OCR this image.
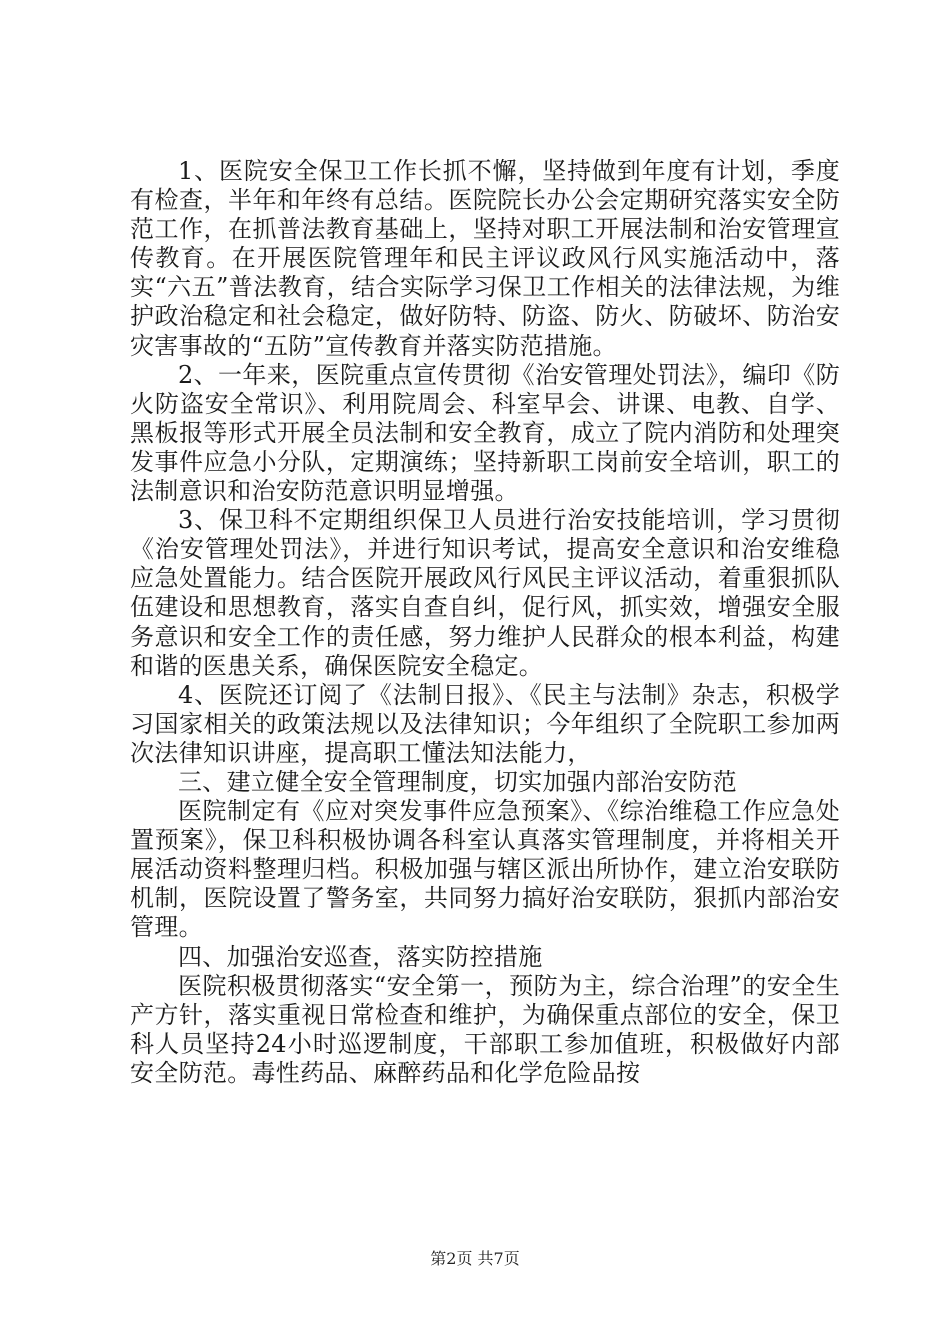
1、医院安全保卫工作长抓不懈，坚持做到年度有计划，季度有检查，半年和年终有总结。医院院长办公会定期研究落实安全防范工作，在抓普法教育基础上，坚持对职工开展法制和治安管理宣传教育。在开展医院管理年和民主评议政风行风实施活动中，落实“六五”普法教育，结合实际学习保卫工作相关的法律法规，为维护政治稳定和社会稳定，做好防特、防盗、防火、防破坏、防治安灾害事故的“五防”宣传教育并落实防范措施。

2、一年来，医院重点宣传贯彻《治安管理处罚法》，编印《防火防盗安全常识》、利用院周会、科室早会、讲课、电教、自学、黑板报等形式开展全员法制和安全教育，成立了院内消防和处理突发事件应急小分队，定期演练；坚持新职工岗前安全培训，职工的法制意识和治安防范意识明显增强。

3、保卫科不定期组织保卫人员进行治安技能培训，学习贯彻《治安管理处罚法》，并进行知识考试，提高安全意识和治安维稳应急处置能力。结合医院开展政风行风民主评议活动，着重狠抓队伍建设和思想教育，落实自查自纠，促行风，抓实效，增强安全服务意识和安全工作的责任感，努力维护人民群众的根本利益，构建和谐的医患关系，确保医院安全稳定。

4、医院还订阅了《法制日报》、《民主与法制》杂志，积极学习国家相关的政策法规以及法律知识；今年组织了全院职工参加两次法律知识讲座，提高职工懂法知法能力，

三、建立健全安全管理制度，切实加强内部治安防范

医院制定有《应对突发事件应急预案》、《综治维稳工作应急处置预案》，保卫科积极协调各科室认真落实管理制度，并将相关开展活动资料整理归档。积极加强与辖区派出所协作，建立治安联防机制，医院设置了警务室，共同努力搞好治安联防，狠抓内部治安管理。

四、加强治安巡查，落实防控措施

医院积极贯彻落实“安全第一，预防为主，综合治理”的安全生产方针，落实重视日常检查和维护，为确保重点部位的安全，保卫科人员坚持24小时巡逻制度，干部职工参加值班，积极做好内部安全防范。毒性药品、麻醉药品和化学危险品按

第2页 共7页
